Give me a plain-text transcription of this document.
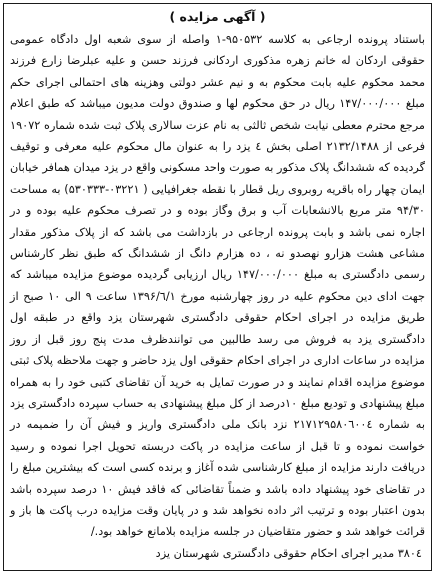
( آگهی مزایده )

باستناد پرونده ارجاعی به کلاسه ۹۵۰۵۳۲-۱ واصله از سوی شعبه اول دادگاه عمومی حقوقی اردکان له خانم زهره مذکوری اردکانی فرزند حسن و علیه عبلرضا زارع فرزند محمد محکوم علیه بابت محکوم به و نیم عشر دولتی وهزینه های احتمالی اجرای حکم مبلغ ۱۴۷/۰۰۰/۰۰۰ ریال در حق محکوم لها و صندوق دولت مدیون میباشد که طبق اعلام مرجع محترم معطی نیابت شخص ثالثی به نام عزت سالاری پلاک ثبت شده شماره ۱۹۰۷۲ فرعی از ۲۱۳۲/۱۴۸۸ اصلی بخش ٤ یزد را به عنوان مال محکوم علیه معرفی و توقیف گردیده که ششدانگ پلاک مذکور به صورت واحد مسکونی واقع در یزد میدان همافر خیابان ایمان چهار راه باقریه روبروی ریل قطار با نقطه جغرافیایی ( ۰۳۲۲۱-۵۳۰۳۳۳) به مساحت ۹۴/۳۰ متر مربع بالانشعابات آب و برق وگاز بوده و در تصرف محکوم علیه بوده و در اجاره نمی باشد و بابت پرونده ارجاعی در بازداشت می باشد که از پلاک مذکور مقدار مشاعی هشت هزارو نهصدو نه ، ده هزارم دانگ از ششدانگ که طبق نظر کارشناس رسمی دادگستری به مبلغ ۱۴۷/۰۰۰/۰۰۰ ریال ارزیابی گردیده موضوع مزایده میباشد که جهت ادای دین محکوم علیه در روز چهارشنبه مورخ ۱۳۹۶/٦/۱ ساعت ۹ الی ۱۰ صبح از طریق مزایده در اجرای احکام حقوقی دادگستری شهرستان یزد واقع در طبقه اول دادگستری یزد به فروش می رسد طالبین می توانندظرف مدت پنج روز قبل از روز مزایده در ساعات اداری در اجرای احکام حقوقی اول یزد حاضر و جهت ملاحظه پلاک ثبتی موضوع مزایده اقدام نمایند و در صورت تمایل به خرید آن تقاضای کتبی خود را به همراه مبلغ پیشنهادی و تودیع مبلغ ۱۰درصد از کل مبلغ پیشنهادی به حساب سپرده دادگستری یزد به شماره ۲۱۷۱۲۹۵۸۰٦۰۰٤ نزد بانک ملی دادگستری واریز و فیش آن را ضمیمه در خواست نموده و تا قبل از ساعت مزایده در پاکت دربسته تحویل اجرا نموده و رسید دریافت دارند مزایده از مبلغ کارشناسی شده آغاز و برنده کسی است که بیشترین مبلغ را در تقاضای خود پیشنهاد داده باشد و ضمناً تقاضائی که فاقد فیش ۱۰ درصد سپرده باشد بدون اعتبار بوده و ترتیب اثر داده نخواهد شد و در پایان وقت مزایده درب پاکت ها باز و قرائت خواهد شد و حضور متقاضیان در جلسه مزایده بلامانع خواهد بود./

۳۸۰٤ مدیر اجرای احکام حقوقی دادگستری شهرستان یزد
